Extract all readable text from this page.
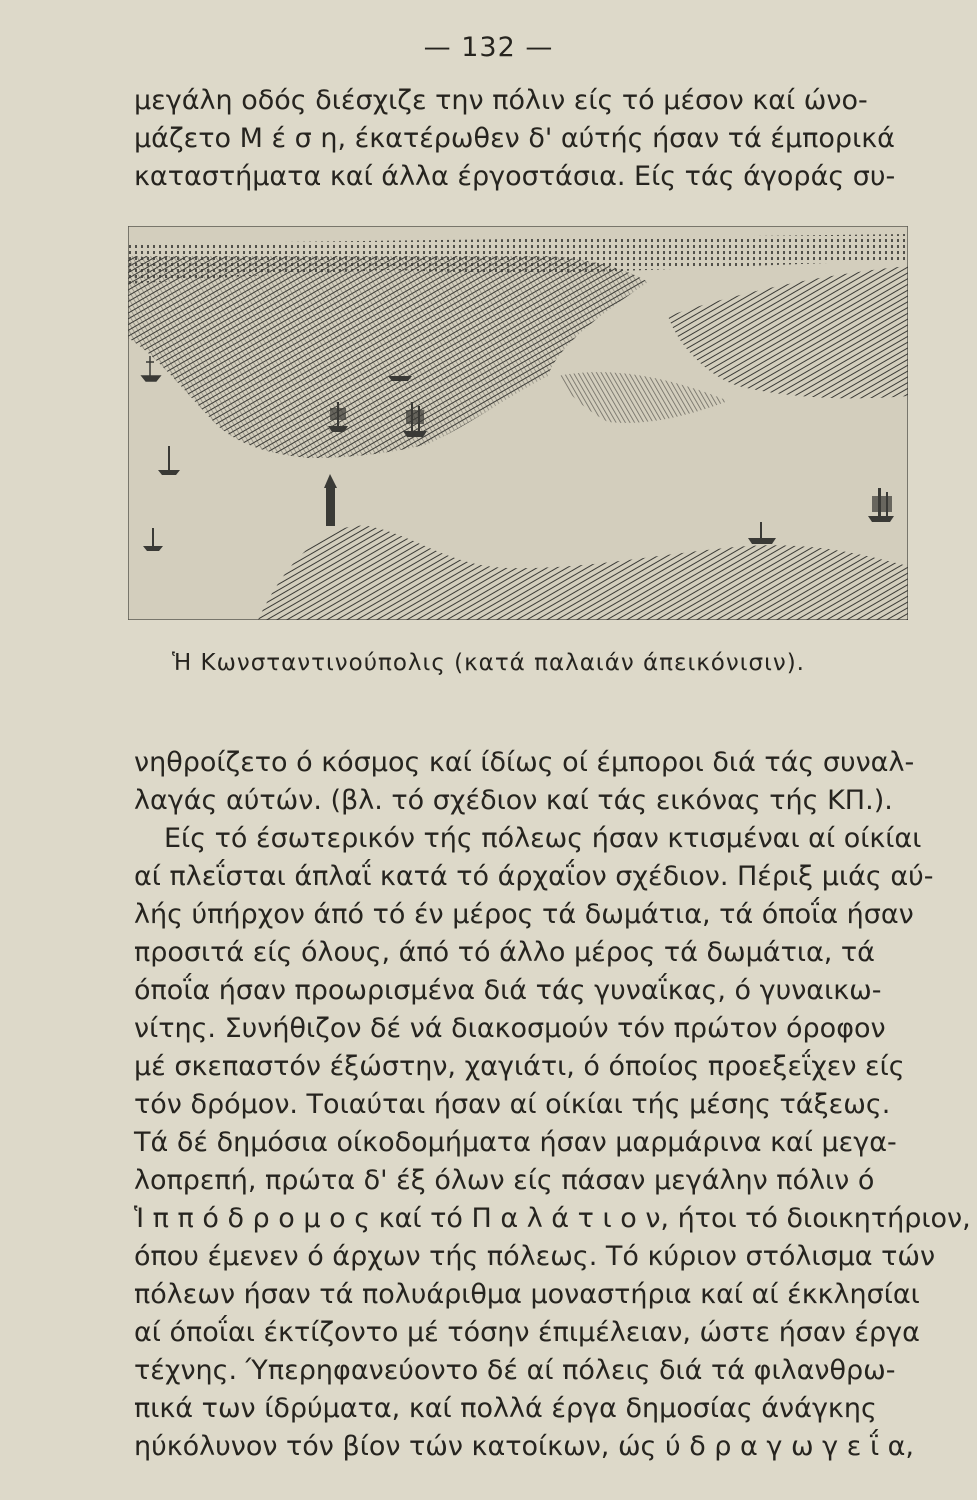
— 132 —
μεγάλη οδός διέσχιζε την πόλιν είς τό μέσον καί ώνο-
μάζετο Μ έ σ η, έκατέρωθεν δ' αύτής ήσαν τά έμπορικά
καταστήματα καί άλλα έργοστάσια. Είς τάς άγοράς συ-
Ἡ Κωνσταντινούπολις (κατά παλαιάν άπεικόνισιν).
νηθροίζετο ό κόσμος καί ίδίως οί έμποροι διά τάς συναλ-
λαγάς αύτών. (βλ. τό σχέδιον καί τάς εικόνας τής ΚΠ.).
Είς τό έσωτερικόν τής πόλεως ήσαν κτισμέναι αί οίκίαι
αί πλεΐσται άπλαΐ κατά τό άρχαΐον σχέδιον. Πέριξ μιάς αύ-
λής ύπήρχον άπό τό έν μέρος τά δωμάτια, τά όποΐα ήσαν
προσιτά είς όλους, άπό τό άλλο μέρος τά δωμάτια, τά
όποΐα ήσαν προωρισμένα διά τάς γυναΐκας, ό γυναικω-
νίτης. Συνήθιζον δέ νά διακοσμούν τόν πρώτον όροφον
μέ σκεπαστόν έξώστην, χαγιάτι, ό όποίος προεξεΐχεν είς
τόν δρόμον. Τοιαύται ήσαν αί οίκίαι τής μέσης τάξεως.
Τά δέ δημόσια οίκοδομήματα ήσαν μαρμάρινα καί μεγα-
λοπρεπή, πρώτα δ' έξ όλων είς πάσαν μεγάλην πόλιν ό
Ἱ π π ό δ ρ ο μ ο ς καί τό Π α λ ά τ ι ο ν, ήτοι τό διοικητήριον,
όπου έμενεν ό άρχων τής πόλεως. Τό κύριον στόλισμα τών
πόλεων ήσαν τά πολυάριθμα μοναστήρια καί αί έκκλησίαι
αί όποΐαι έκτίζοντο μέ τόσην έπιμέλειαν, ώστε ήσαν έργα
τέχνης. Ύπερηφανεύοντο δέ αί πόλεις διά τά φιλανθρω-
πικά των ίδρύματα, καί πολλά έργα δημοσίας άνάγκης
ηύκόλυνον τόν βίον τών κατοίκων, ώς ύ δ ρ α γ ω γ ε ΐ α,
